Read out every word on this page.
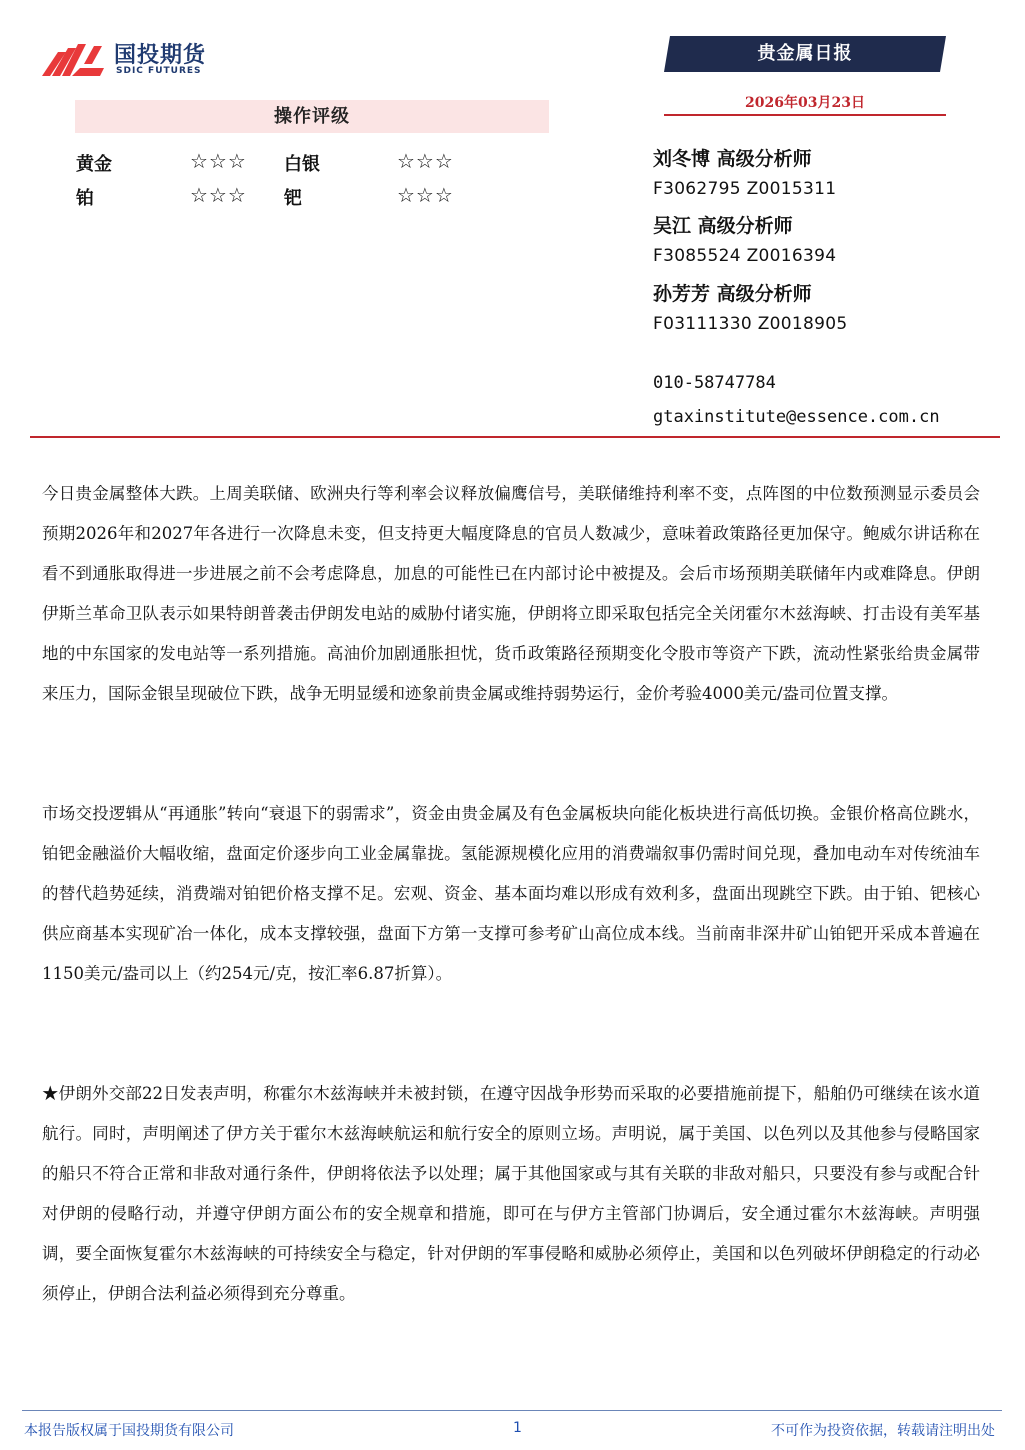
国投期货
SDIC FUTURES
贵金属日报
2026年03月23日
操作评级
黄金	☆☆☆ 白银	☆☆☆
铂	☆☆☆ 钯	☆☆☆
刘冬博 高级分析师
F3062795 Z0015311
吴江 高级分析师
F3085524 Z0016394
孙芳芳 高级分析师
F03111330 Z0018905
010-58747784
gtaxinstitute@essence.com.cn
今日贵金属整体大跌。上周美联储、欧洲央行等利率会议释放偏鹰信号，美联储维持利率不变，点阵图的中位数预测显示委员会预期2026年和2027年各进行一次降息未变，但支持更大幅度降息的官员人数减少，意味着政策路径更加保守。鲍威尔讲话称在看不到通胀取得进一步进展之前不会考虑降息，加息的可能性已在内部讨论中被提及。会后市场预期美联储年内或难降息。伊朗伊斯兰革命卫队表示如果特朗普袭击伊朗发电站的威胁付诸实施，伊朗将立即采取包括完全关闭霍尔木兹海峡、打击设有美军基地的中东国家的发电站等一系列措施。高油价加剧通胀担忧，货币政策路径预期变化令股市等资产下跌，流动性紧张给贵金属带来压力，国际金银呈现破位下跌，战争无明显缓和迹象前贵金属或维持弱势运行，金价考验4000美元/盎司位置支撑。
市场交投逻辑从“再通胀”转向“衰退下的弱需求”，资金由贵金属及有色金属板块向能化板块进行高低切换。金银价格高位跳水，铂钯金融溢价大幅收缩，盘面定价逐步向工业金属靠拢。氢能源规模化应用的消费端叙事仍需时间兑现，叠加电动车对传统油车的替代趋势延续，消费端对铂钯价格支撑不足。宏观、资金、基本面均难以形成有效利多，盘面出现跳空下跌。由于铂、钯核心供应商基本实现矿冶一体化，成本支撑较强，盘面下方第一支撑可参考矿山高位成本线。当前南非深井矿山铂钯开采成本普遍在1150美元/盎司以上（约254元/克，按汇率6.87折算）。
★伊朗外交部22日发表声明，称霍尔木兹海峡并未被封锁，在遵守因战争形势而采取的必要措施前提下，船舶仍可继续在该水道航行。同时，声明阐述了伊方关于霍尔木兹海峡航运和航行安全的原则立场。声明说，属于美国、以色列以及其他参与侵略国家的船只不符合正常和非敌对通行条件，伊朗将依法予以处理；属于其他国家或与其有关联的非敌对船只，只要没有参与或配合针对伊朗的侵略行动，并遵守伊朗方面公布的安全规章和措施，即可在与伊方主管部门协调后，安全通过霍尔木兹海峡。声明强调，要全面恢复霍尔木兹海峡的可持续安全与稳定，针对伊朗的军事侵略和威胁必须停止，美国和以色列破坏伊朗稳定的行动必须停止，伊朗合法利益必须得到充分尊重。
本报告版权属于国投期货有限公司	1	不可作为投资依据，转载请注明出处
